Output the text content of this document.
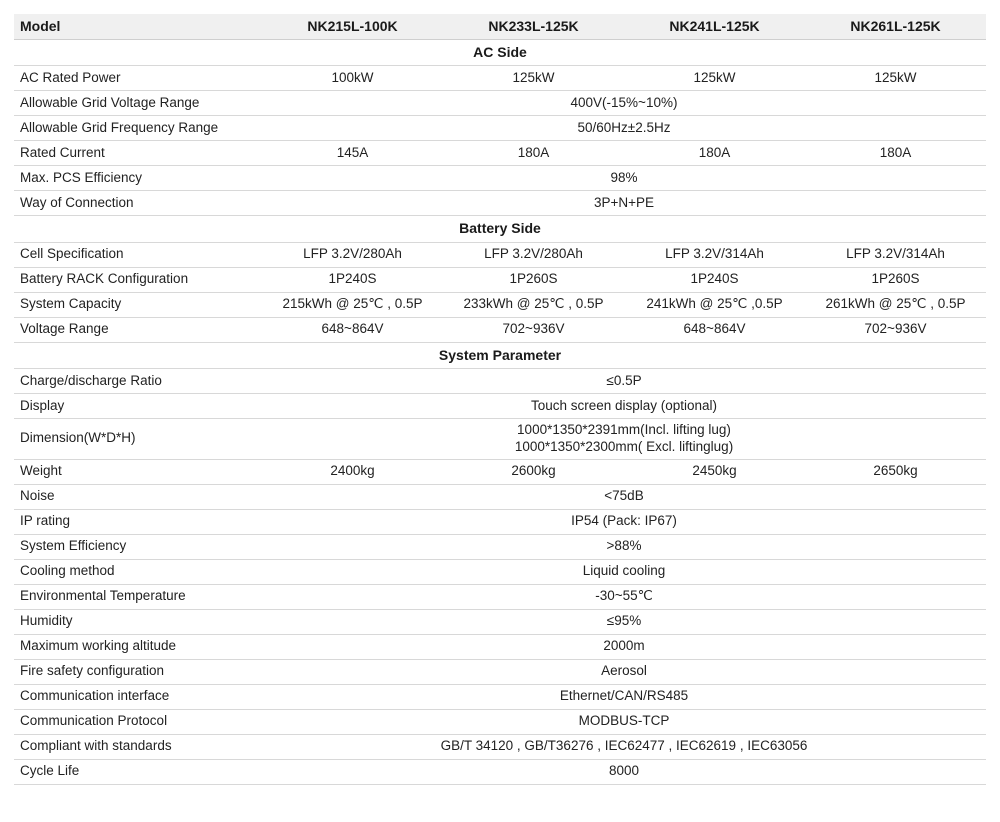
Model	NK215L-100K	NK233L-125K	NK241L-125K	NK261L-125K
AC Side				
AC Rated Power	100kW	125kW	125kW	125kW
Allowable Grid Voltage Range	400V(-15%~10%)			
Allowable Grid Frequency Range	50/60Hz±2.5Hz			
Rated Current	145A	180A	180A	180A
Max. PCS Efficiency	98%			
Way of Connection	3P+N+PE			
Battery Side				
Cell Specification	LFP 3.2V/280Ah	LFP 3.2V/280Ah	LFP 3.2V/314Ah	LFP 3.2V/314Ah
Battery RACK Configuration	1P240S	1P260S	1P240S	1P260S
System Capacity	215kWh @ 25℃ , 0.5P	233kWh @ 25℃ , 0.5P	241kWh @ 25℃ ,0.5P	261kWh @ 25℃ , 0.5P
Voltage Range	648~864V	702~936V	648~864V	702~936V
System Parameter				
Charge/discharge Ratio	≤0.5P			
Display	Touch screen display (optional)			
Dimension(W*D*H)	1000*1350*2391mm(Incl. lifting lug)
1000*1350*2300mm( Excl. liftinglug)			

Weight	2400kg	2600kg	2450kg	2650kg
Noise	<75dB			
IP rating	IP54 (Pack: IP67)			
System Efficiency	>88%			
Cooling method	Liquid cooling			
Environmental Temperature	-30~55℃			
Humidity	≤95%			
Maximum working altitude	2000m			
Fire safety configuration	Aerosol			
Communication interface	Ethernet/CAN/RS485			
Communication Protocol	MODBUS-TCP			
Compliant with standards	GB/T 34120 , GB/T36276 , IEC62477 , IEC62619 , IEC63056			
Cycle Life	8000			
